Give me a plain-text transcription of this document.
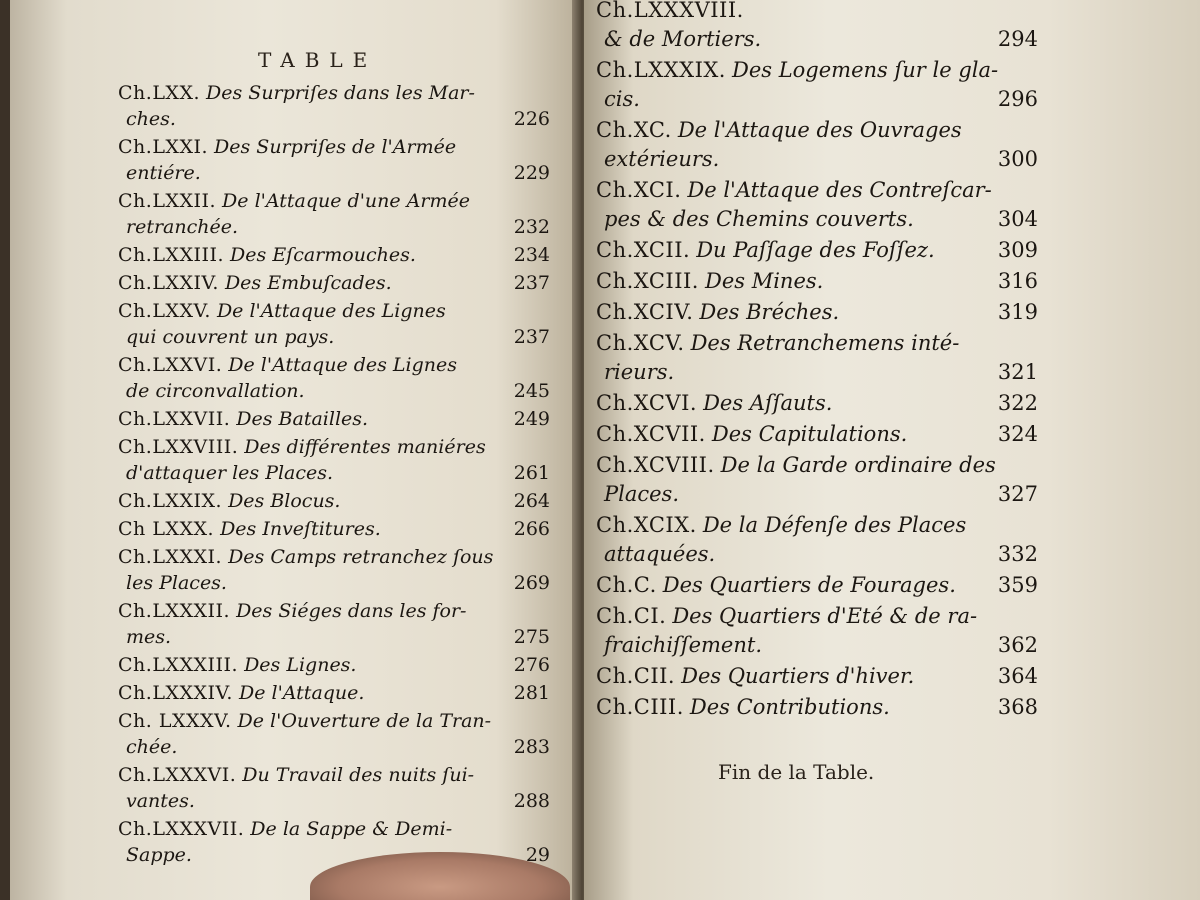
TABLE
Ch.LXX. Des Surpriſes dans les Mar-
ches.	226
Ch.LXXI. Des Surpriſes de l'Armée
entiére.	229
Ch.LXXII. De l'Attaque d'une Armée
retranchée.	232
Ch.LXXIII. Des Eſcarmouches.	234
Ch.LXXIV. Des Embuſcades.	237
Ch.LXXV. De l'Attaque des Lignes
qui couvrent un pays.	237
Ch.LXXVI. De l'Attaque des Lignes
de circonvallation.	245
Ch.LXXVII. Des Batailles.	249
Ch.LXXVIII. Des différentes maniéres
d'attaquer les Places.	261
Ch.LXXIX. Des Blocus.	264
Ch LXXX. Des Inveſtitures.	266
Ch.LXXXI. Des Camps retranchez ſous
les Places.	269
Ch.LXXXII. Des Siéges dans les for-
mes.	275
Ch.LXXXIII. Des Lignes.	276
Ch.LXXXIV. De l'Attaque.	281
Ch. LXXXV. De l'Ouverture de la Tran-
chée.	283
Ch.LXXXVI. Du Travail des nuits ſui-
vantes.	288
Ch.LXXXVII. De la Sappe & Demi-
Sappe.	29
Ch.LXXXVIII.
& de Mortiers.	294
Ch.LXXXIX. Des Logemens ſur le gla-
cis.	296
Ch.XC. De l'Attaque des Ouvrages
extérieurs.	300
Ch.XCI. De l'Attaque des Contreſcar-
pes & des Chemins couverts.	304
Ch.XCII. Du Paſſage des Foſſez.	309
Ch.XCIII. Des Mines.	316
Ch.XCIV. Des Bréches.	319
Ch.XCV. Des Retranchemens inté-
rieurs.	321
Ch.XCVI. Des Aſſauts.	322
Ch.XCVII. Des Capitulations.	324
Ch.XCVIII. De la Garde ordinaire des
Places.	327
Ch.XCIX. De la Défenſe des Places
attaquées.	332
Ch.C. Des Quartiers de Fourages.	359
Ch.CI. Des Quartiers d'Eté & de ra-
fraichiſſement.	362
Ch.CII. Des Quartiers d'hiver.	364
Ch.CIII. Des Contributions.	368
Fin de la Table.
